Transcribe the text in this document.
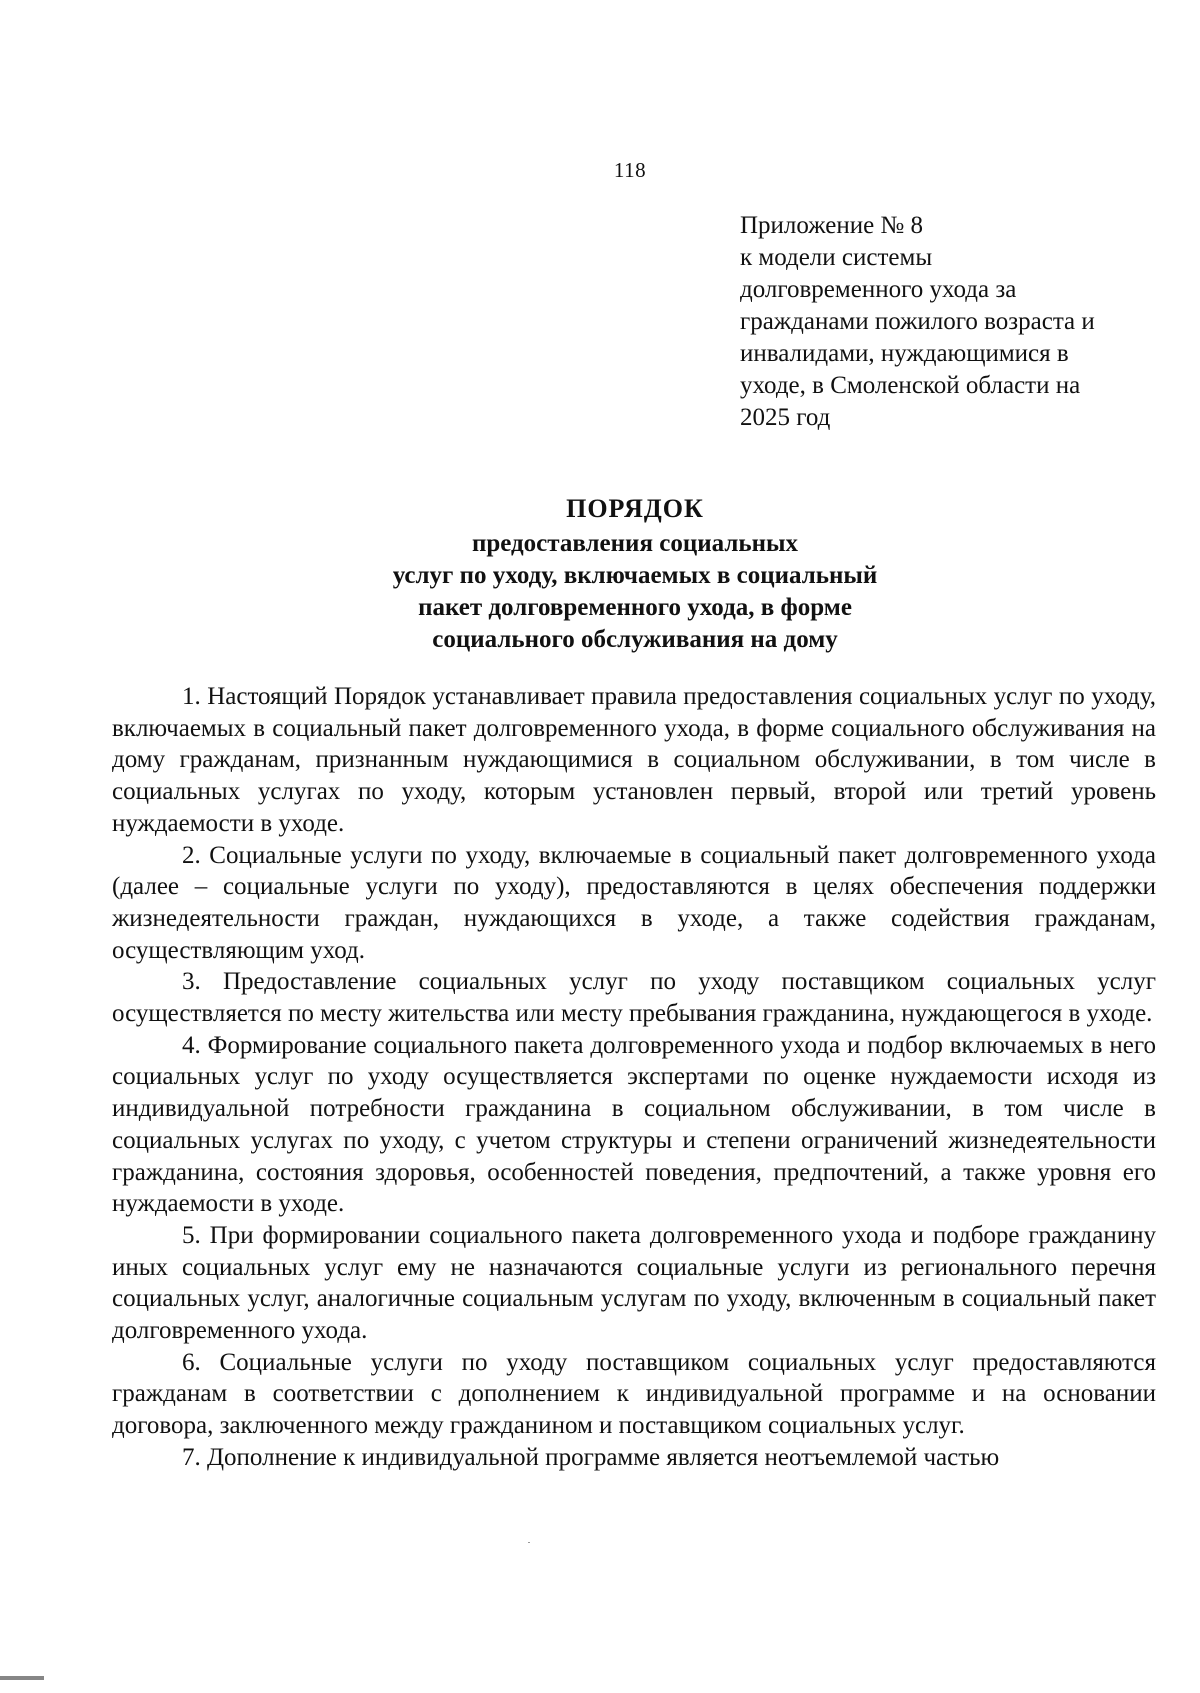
118
Приложение № 8
к модели системы
долговременного ухода за
гражданами пожилого возраста и
инвалидами, нуждающимися в
уходе, в Смоленской области на
2025 год
ПОРЯДОК
предоставления социальных
услуг по уходу, включаемых в социальный
пакет долговременного ухода, в форме
социального обслуживания на дому

1. Настоящий Порядок устанавливает правила предоставления социальных услуг по уходу, включаемых в социальный пакет долговременного ухода, в форме социального обслуживания на дому гражданам, признанным нуждающимися в социальном обслуживании, в том числе в социальных услугах по уходу, которым установлен первый, второй или третий уровень нуждаемости в уходе.

2. Социальные услуги по уходу, включаемые в социальный пакет долговременного ухода (далее – социальные услуги по уходу), предоставляются в целях обеспечения поддержки жизнедеятельности граждан, нуждающихся в уходе, а также содействия гражданам, осуществляющим уход.

3. Предоставление социальных услуг по уходу поставщиком социальных услуг осуществляется по месту жительства или месту пребывания гражданина, нуждающегося в уходе.

4. Формирование социального пакета долговременного ухода и подбор включаемых в него социальных услуг по уходу осуществляется экспертами по оценке нуждаемости исходя из индивидуальной потребности гражданина в социальном обслуживании, в том числе в социальных услугах по уходу, с учетом структуры и степени ограничений жизнедеятельности гражданина, состояния здоровья, особенностей поведения, предпочтений, а также уровня его нуждаемости в уходе.

5. При формировании социального пакета долговременного ухода и подборе гражданину иных социальных услуг ему не назначаются социальные услуги из регионального перечня социальных услуг, аналогичные социальным услугам по уходу, включенным в социальный пакет долговременного ухода.

6. Социальные услуги по уходу поставщиком социальных услуг предоставляются гражданам в соответствии с дополнением к индивидуальной программе и на основании договора, заключенного между гражданином и поставщиком социальных услуг.

7. Дополнение к индивидуальной программе является неотъемлемой частью
